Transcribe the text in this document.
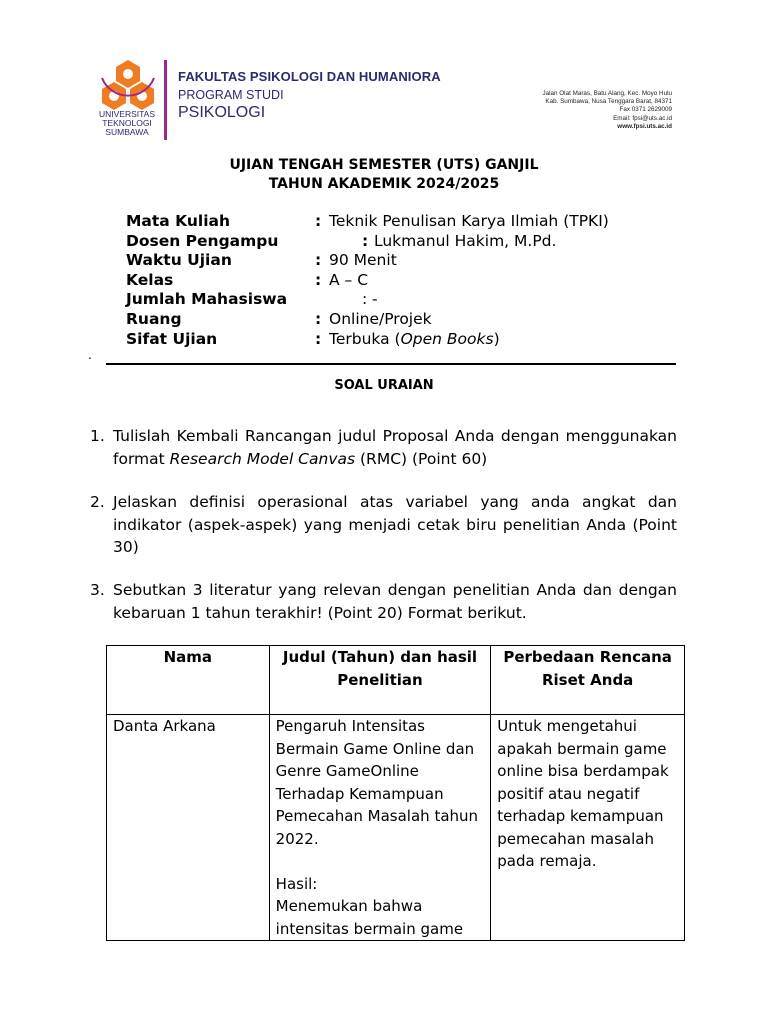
UNIVERSITAS
TEKNOLOGI
SUMBAWA
FAKULTAS PSIKOLOGI DAN HUMANIORA
PROGRAM STUDI
PSIKOLOGI
Jalan Olat Maras, Batu Alang, Kec. Moyo Hulu
Kab. Sumbawa, Nusa Tenggara Barat, 84371
Fax 0371 2629009
Email: fpsi@uts.ac.id
www.fpsi.uts.ac.id
UJIAN TENGAH SEMESTER (UTS) GANJIL
TAHUN AKADEMIK 2024/2025
Mata Kuliah	: Teknik Penulisan Karya Ilmiah (TPKI)
Dosen Pengampu	: Lukmanul Hakim, M.Pd.
Waktu Ujian	: 90 Menit
Kelas	: A – C
Jumlah Mahasiswa	: -
Ruang	: Online/Projek
Sifat Ujian	: Terbuka (Open Books)
.
SOAL URAIAN
1. Tulislah Kembali Rancangan judul Proposal Anda dengan menggunakan format Research Model Canvas (RMC) (Point 60)
2. Jelaskan definisi operasional atas variabel yang anda angkat dan indikator (aspek-aspek) yang menjadi cetak biru penelitian Anda (Point 30)
3. Sebutkan 3 literatur yang relevan dengan penelitian Anda dan dengan kebaruan 1 tahun terakhir! (Point 20) Format berikut.
Nama	Judul (Tahun) dan hasil Penelitian	Perbedaan Rencana Riset Anda
Danta Arkana	Pengaruh Intensitas Bermain Game Online dan Genre GameOnline Terhadap Kemampuan Pemecahan Masalah tahun 2022.

Hasil:

Menemukan bahwa intensitas bermain game	Untuk mengetahui apakah bermain game online bisa berdampak positif atau negatif terhadap kemampuan pemecahan masalah pada remaja.
